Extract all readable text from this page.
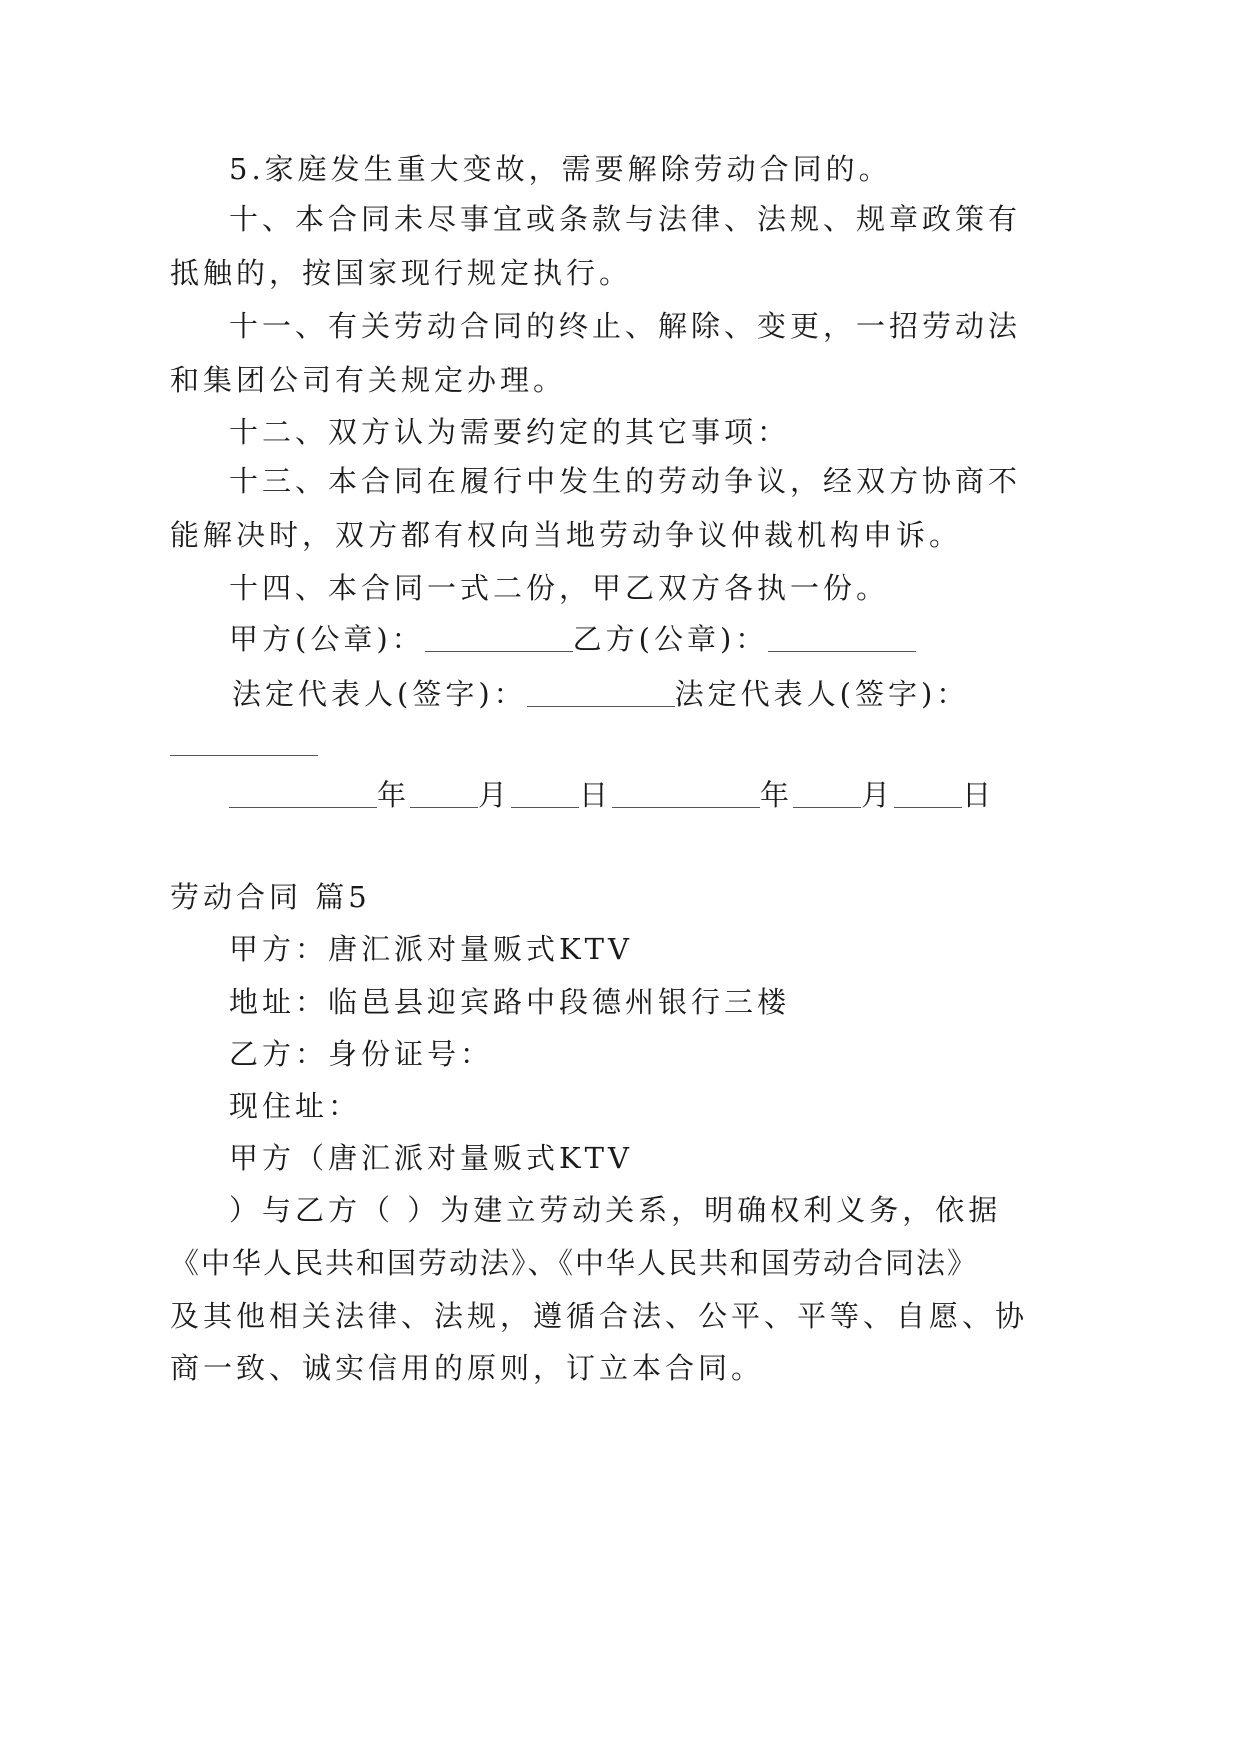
5.家庭发生重大变故，需要解除劳动合同的。
十、本合同未尽事宜或条款与法律、法规、规章政策有
抵触的，按国家现行规定执行。
十一、有关劳动合同的终止、解除、变更，一招劳动法
和集团公司有关规定办理。
十二、双方认为需要约定的其它事项：
十三、本合同在履行中发生的劳动争议，经双方协商不
能解决时，双方都有权向当地劳动争议仲裁机构申诉。
十四、本合同一式二份，甲乙双方各执一份。
甲方(公章)：	乙方(公章)：
法定代表人(签字)：	法定代表人(签字)：
年 月 日	年 月 日
劳动合同 篇5
甲方：唐汇派对量贩式KTV
地址：临邑县迎宾路中段德州银行三楼
乙方：身份证号：
现住址：
甲方（唐汇派对量贩式KTV
）与乙方（ ）为建立劳动关系，明确权利义务，依据
《中华人民共和国劳动法》、《中华人民共和国劳动合同法》
及其他相关法律、法规，遵循合法、公平、平等、自愿、协
商一致、诚实信用的原则，订立本合同。
